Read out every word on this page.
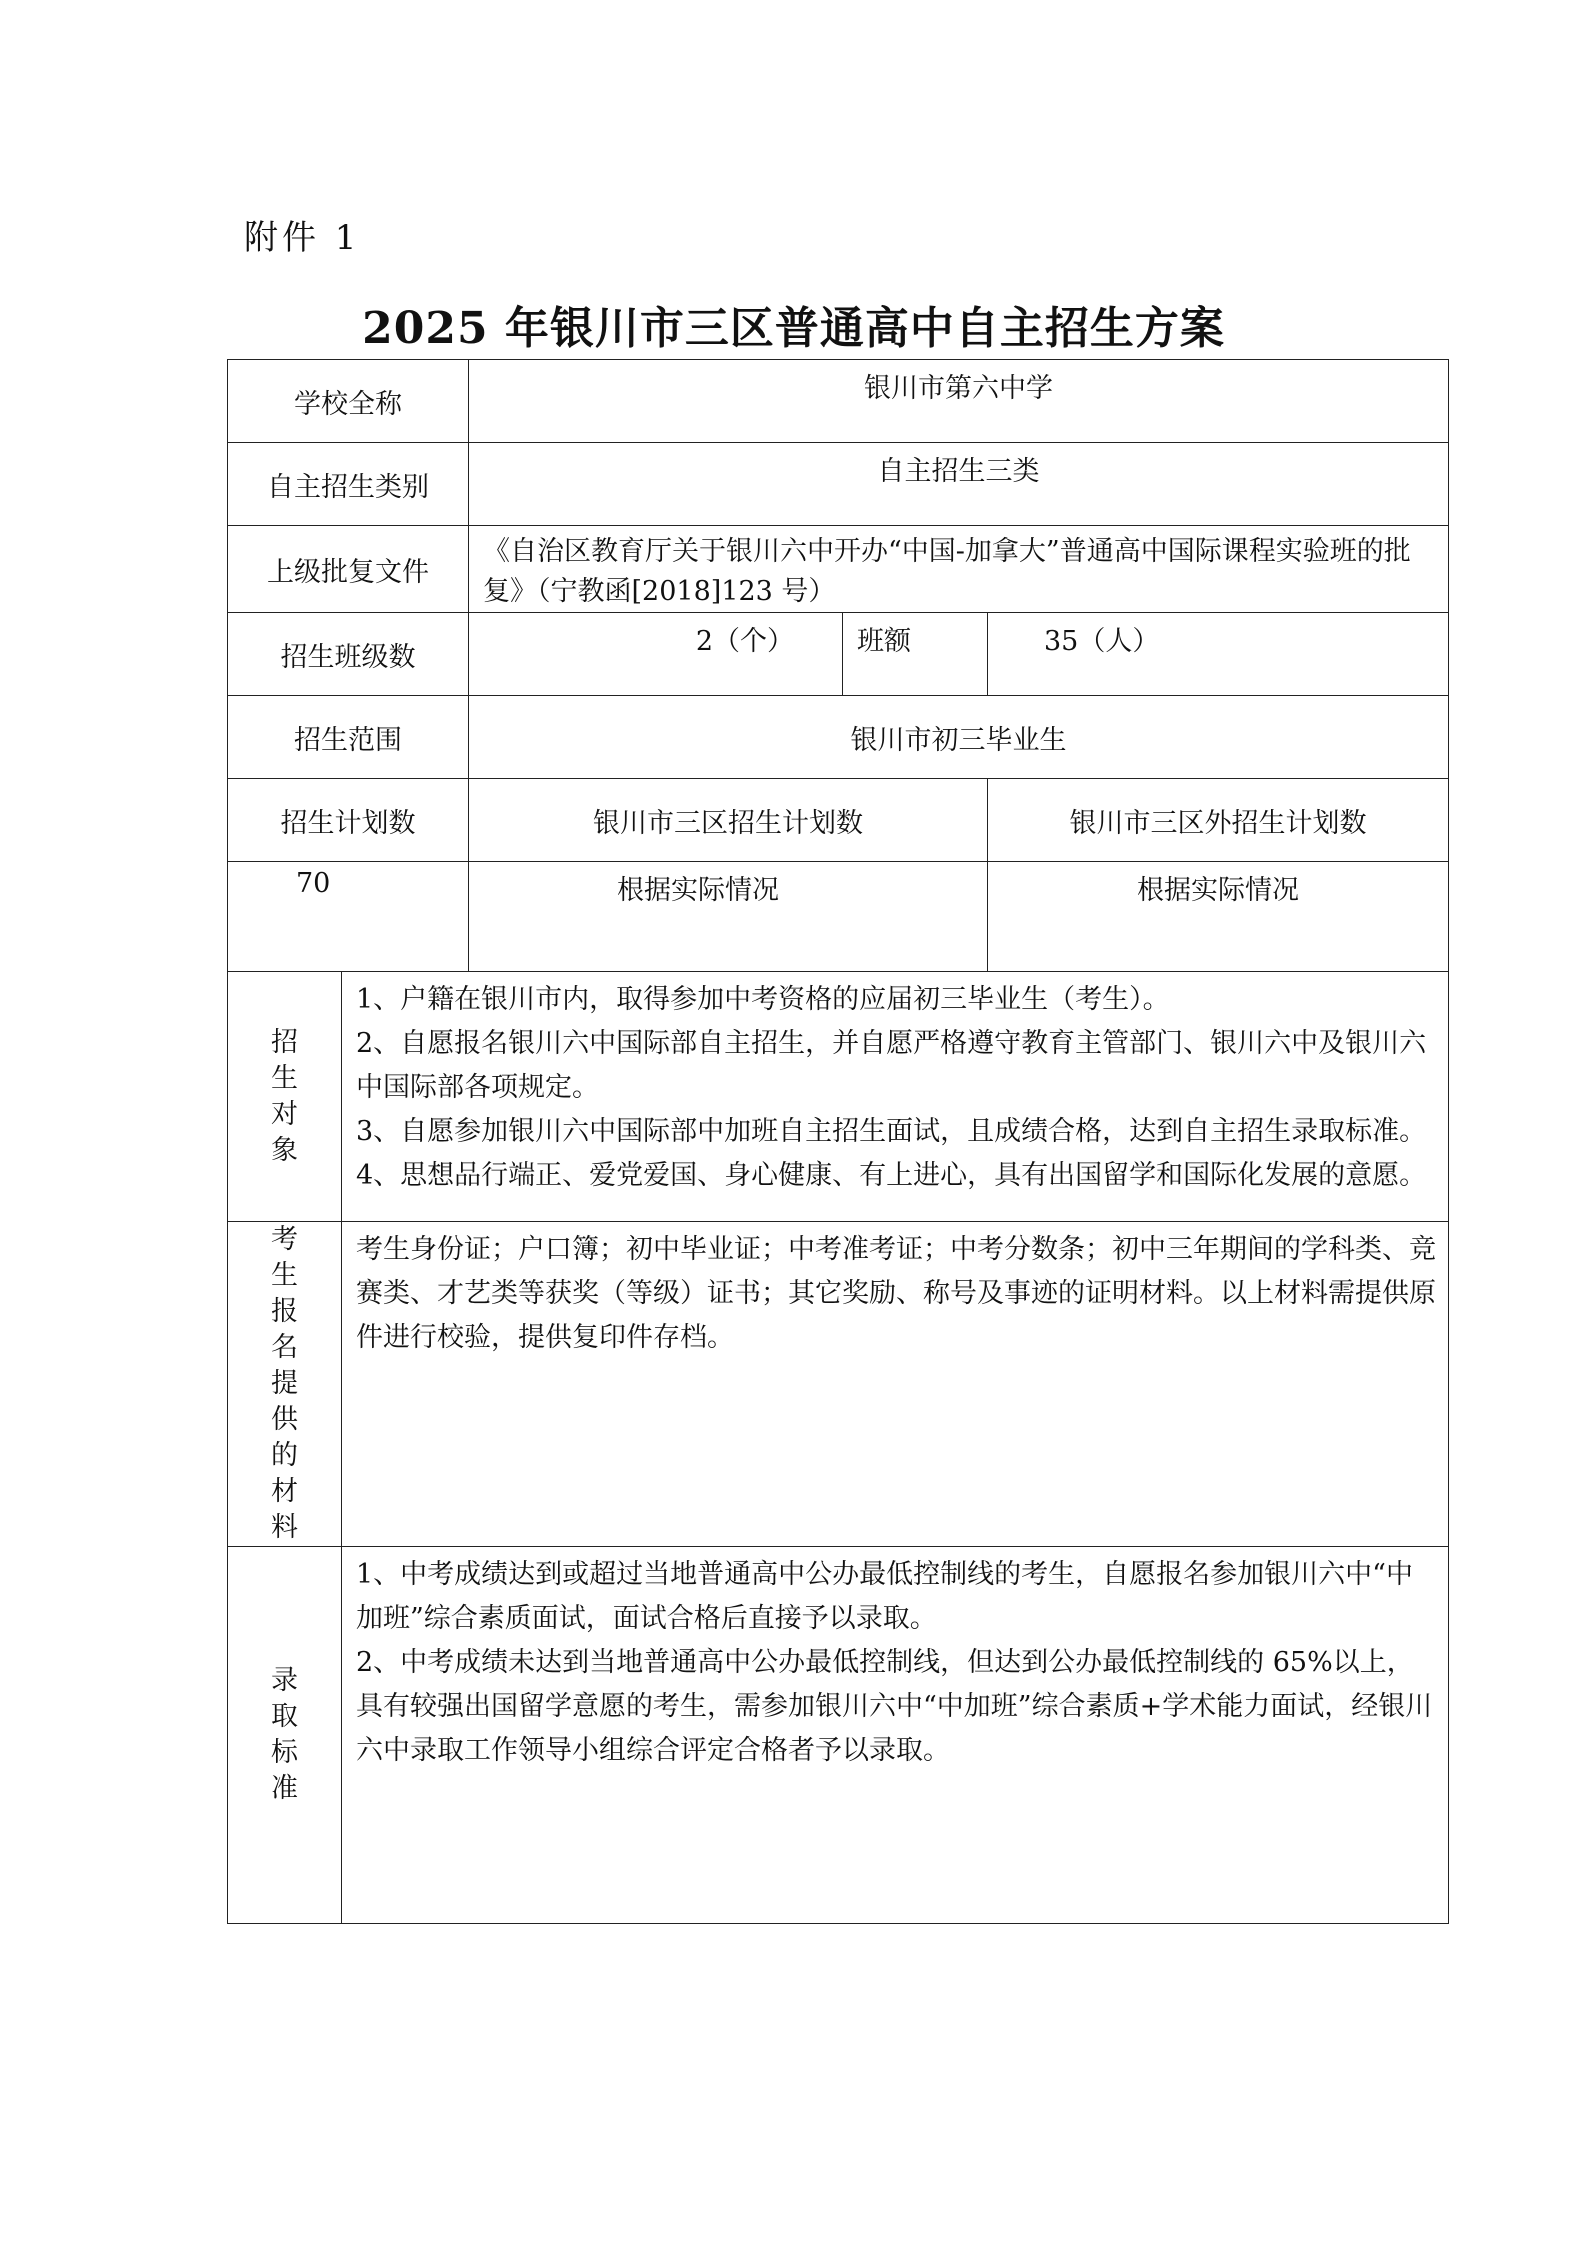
附件 1
2025 年银川市三区普通高中自主招生方案
学校全称		银川市第六中学		
自主招生类别		自主招生三类		
上级批复文件		《自治区教育厅关于银川六中开办“中国-加拿大”普通高中国际课程实验班的批复》（宁教函[2018]123 号）		
招生班级数		2（个）	班额	35（人）
招生范围		银川市初三毕业生		
招生计划数		银川市三区招生计划数		银川市三区外招生计划数
70		根据实际情况		根据实际情况

招生对象	1、户籍在银川市内，取得参加中考资格的应届初三毕业生（考生）。

2、自愿报名银川六中国际部自主招生，并自愿严格遵守教育主管部门、银川六中及银川六中国际部各项规定。

3、自愿参加银川六中国际部中加班自主招生面试，且成绩合格，达到自主招生录取标准。

4、思想品行端正、爱党爱国、身心健康、有上进心，具有出国留学和国际化发展的意愿。			

考生报名提供的材料	考生身份证；户口簿；初中毕业证；中考准考证；中考分数条；初中三年期间的学科类、竞赛类、才艺类等获奖（等级）证书；其它奖励、称号及事迹的证明材料。以上材料需提供原件进行校验，提供复印件存档。			

录取标准	1、中考成绩达到或超过当地普通高中公办最低控制线的考生，自愿报名参加银川六中“中加班”综合素质面试，面试合格后直接予以录取。

2、中考成绩未达到当地普通高中公办最低控制线，但达到公办最低控制线的 65%以上，具有较强出国留学意愿的考生，需参加银川六中“中加班”综合素质+学术能力面试，经银川六中录取工作领导小组综合评定合格者予以录取。			
